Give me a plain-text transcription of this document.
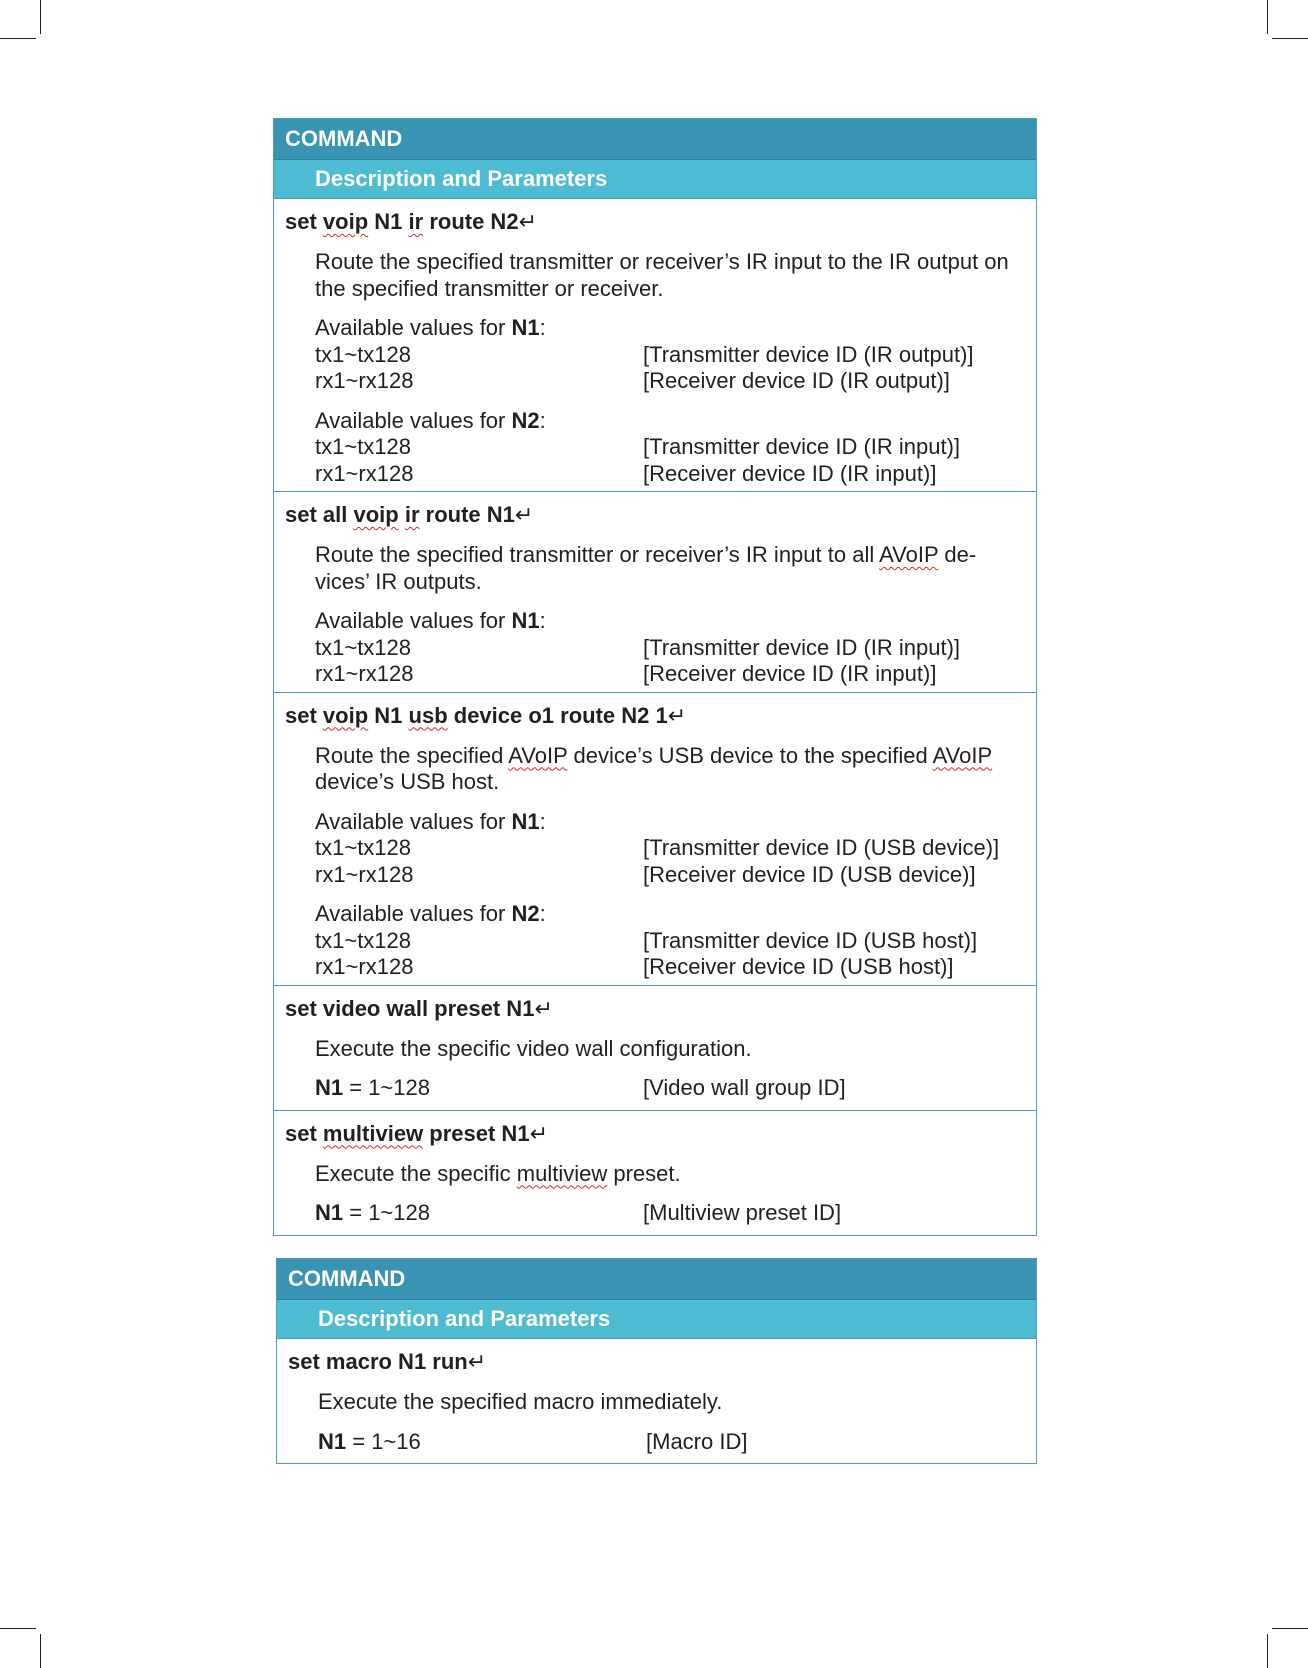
COMMAND
Description and Parameters
set voip N1 ir route N2↵
Route the specified transmitter or receiver’s IR input to the IR output on the specified transmitter or receiver.
Available values for N1:
tx1~tx128	[Transmitter device ID (IR output)]
rx1~rx128	[Receiver device ID (IR output)]
Available values for N2:
tx1~tx128	[Transmitter device ID (IR input)]
rx1~rx128	[Receiver device ID (IR input)]
set all voip ir route N1↵
Route the specified transmitter or receiver’s IR input to all AVoIP de-
vices’ IR outputs.
Available values for N1:
tx1~tx128	[Transmitter device ID (IR input)]
rx1~rx128	[Receiver device ID (IR input)]
set voip N1 usb device o1 route N2 1↵
Route the specified AVoIP device’s USB device to the specified AVoIP
device’s USB host.
Available values for N1:
tx1~tx128	[Transmitter device ID (USB device)]
rx1~rx128	[Receiver device ID (USB device)]
Available values for N2:
tx1~tx128	[Transmitter device ID (USB host)]
rx1~rx128	[Receiver device ID (USB host)]
set video wall preset N1↵
Execute the specific video wall configuration.
N1 = 1~128	[Video wall group ID]
set multiview preset N1↵
Execute the specific multiview preset.
N1 = 1~128	[Multiview preset ID]
COMMAND
Description and Parameters
set macro N1 run↵
Execute the specified macro immediately.
N1 = 1~16	[Macro ID]
